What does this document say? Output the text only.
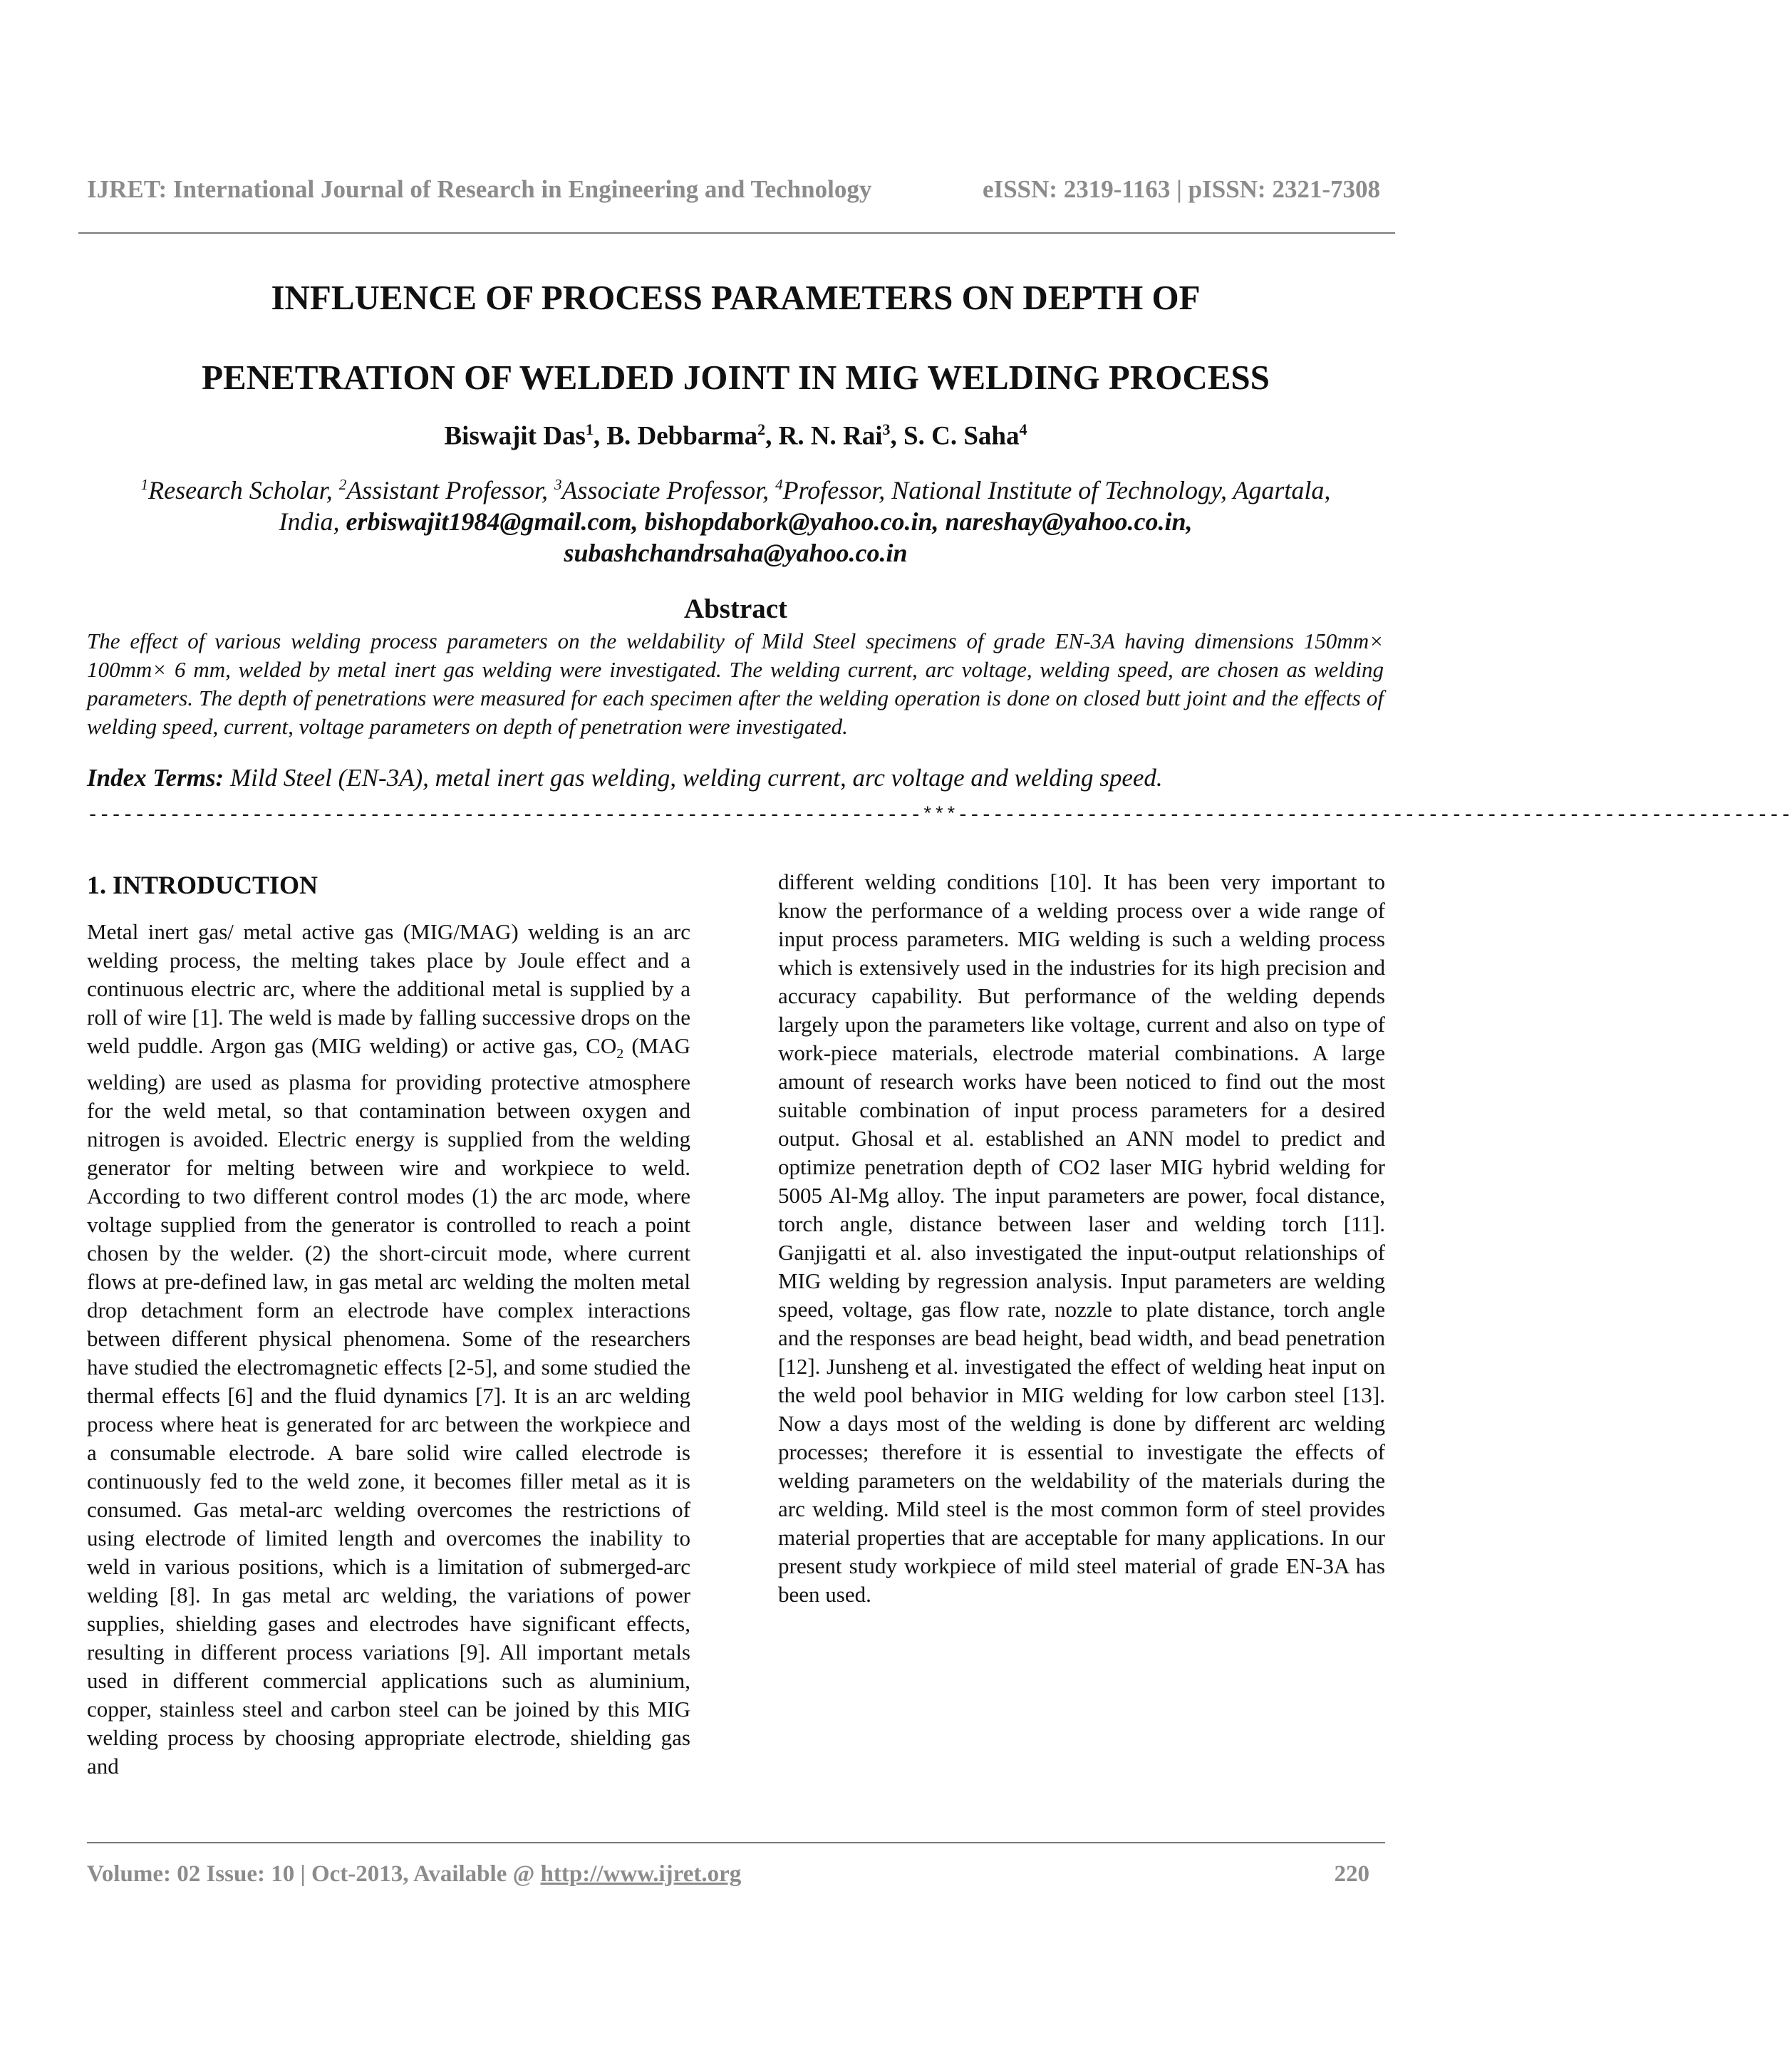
IJRET: International Journal of Research in Engineering and Technology	eISSN: 2319-1163 | pISSN: 2321-7308
INFLUENCE OF PROCESS PARAMETERS ON DEPTH OF
PENETRATION OF WELDED JOINT IN MIG WELDING PROCESS
Biswajit Das$^1$, B. Debbarma$^2$, R. N. Rai$^3$, S. C. Saha$^4$
$^1$Research Scholar, $^2$Assistant Professor, $^3$Associate Professor, $^4$Professor, National Institute of Technology, Agartala,
India, erbiswajit1984@gmail.com, bishopdabork@yahoo.co.in, nareshay@yahoo.co.in,
subashchandrsaha@yahoo.co.in
Abstract
The effect of various welding process parameters on the weldability of Mild Steel specimens of grade EN-3A having dimensions 150mm× 100mm× 6 mm, welded by metal inert gas welding were investigated. The welding current, arc voltage, welding speed, are chosen as welding parameters. The depth of penetrations were measured for each specimen after the welding operation is done on closed butt joint and the effects of welding speed, current, voltage parameters on depth of penetration were investigated.
Index Terms: Mild Steel (EN-3A), metal inert gas welding, welding current, arc voltage and welding speed.
-----------------------------------------------------------------------***-----------------------------------------------------------------------
1. INTRODUCTION

Metal inert gas/ metal active gas (MIG/MAG) welding is an arc welding process, the melting takes place by Joule effect and a continuous electric arc, where the additional metal is supplied by a roll of wire [1]. The weld is made by falling successive drops on the weld puddle. Argon gas (MIG welding) or active gas, $CO_2$ (MAG welding) are used as plasma for providing protective atmosphere for the weld metal, so that contamination between oxygen and nitrogen is avoided. Electric energy is supplied from the welding generator for melting between wire and workpiece to weld. According to two different control modes (1) the arc mode, where voltage supplied from the generator is controlled to reach a point chosen by the welder. (2) the short-circuit mode, where current flows at pre-defined law, in gas metal arc welding the molten metal drop detachment form an electrode have complex interactions between different physical phenomena. Some of the researchers have studied the electromagnetic effects [2-5], and some studied the thermal effects [6] and the fluid dynamics [7]. It is an arc welding process where heat is generated for arc between the workpiece and a consumable electrode. A bare solid wire called electrode is continuously fed to the weld zone, it becomes filler metal as it is consumed. Gas metal-arc welding overcomes the restrictions of using electrode of limited length and overcomes the inability to weld in various positions, which is a limitation of submerged-arc welding [8]. In gas metal arc welding, the variations of power supplies, shielding gases and electrodes have significant effects, resulting in different process variations [9]. All important metals used in different commercial applications such as aluminium, copper, stainless steel and carbon steel can be joined by this MIG welding process by choosing appropriate electrode, shielding gas and

different welding conditions [10]. It has been very important to know the performance of a welding process over a wide range of input process parameters. MIG welding is such a welding process which is extensively used in the industries for its high precision and accuracy capability. But performance of the welding depends largely upon the parameters like voltage, current and also on type of work-piece materials, electrode material combinations. A large amount of research works have been noticed to find out the most suitable combination of input process parameters for a desired output. Ghosal et al. established an ANN model to predict and optimize penetration depth of CO2 laser MIG hybrid welding for 5005 Al-Mg alloy. The input parameters are power, focal distance, torch angle, distance between laser and welding torch [11]. Ganjigatti et al. also investigated the input-output relationships of MIG welding by regression analysis. Input parameters are welding speed, voltage, gas flow rate, nozzle to plate distance, torch angle and the responses are bead height, bead width, and bead penetration [12]. Junsheng et al. investigated the effect of welding heat input on the weld pool behavior in MIG welding for low carbon steel [13]. Now a days most of the welding is done by different arc welding processes; therefore it is essential to investigate the effects of welding parameters on the weldability of the materials during the arc welding. Mild steel is the most common form of steel provides material properties that are acceptable for many applications. In our present study workpiece of mild steel material of grade EN-3A has been used.

Volume: 02 Issue: 10 | Oct-2013, Available @ http://www.ijret.org	220
